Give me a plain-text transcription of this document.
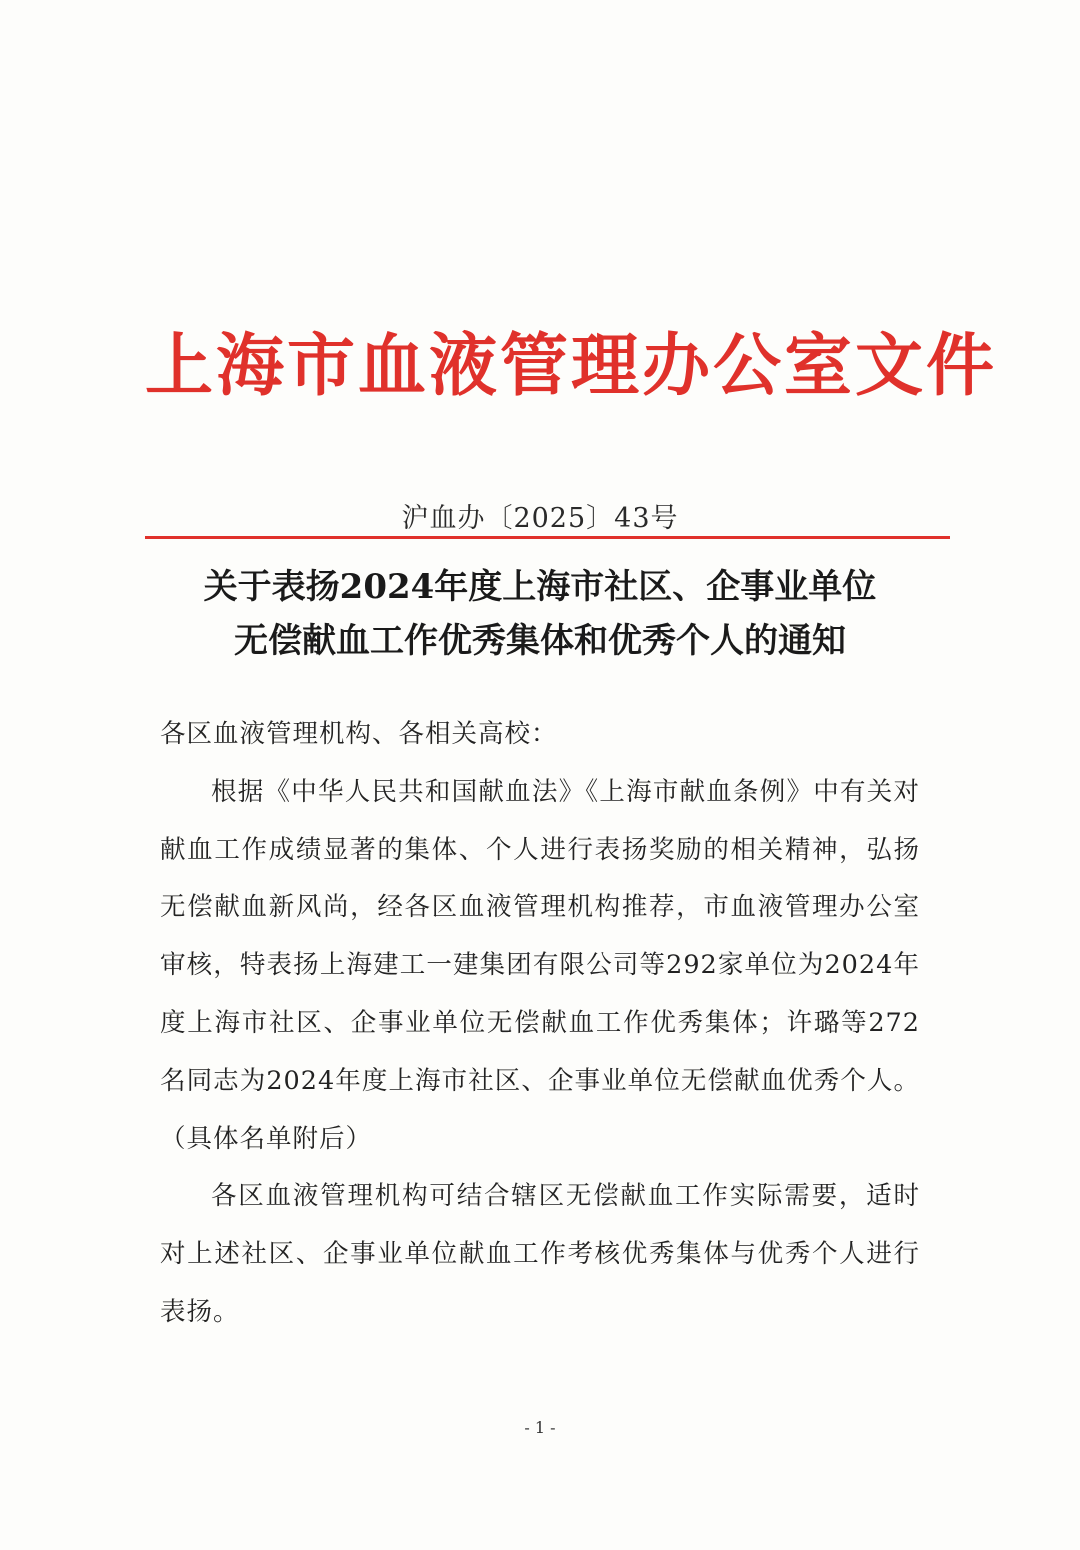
上海市血液管理办公室文件
沪血办〔2025〕43号
关于表扬2024年度上海市社区、企事业单位
无偿献血工作优秀集体和优秀个人的通知

各区血液管理机构、各相关高校：

根据《中华人民共和国献血法》《上海市献血条例》中有关对献血工作成绩显著的集体、个人进行表扬奖励的相关精神，弘扬无偿献血新风尚，经各区血液管理机构推荐，市血液管理办公室审核，特表扬上海建工一建集团有限公司等292家单位为2024年度上海市社区、企事业单位无偿献血工作优秀集体；许璐等272名同志为2024年度上海市社区、企事业单位无偿献血优秀个人。（具体名单附后）

各区血液管理机构可结合辖区无偿献血工作实际需要，适时对上述社区、企事业单位献血工作考核优秀集体与优秀个人进行表扬。

- 1 -
